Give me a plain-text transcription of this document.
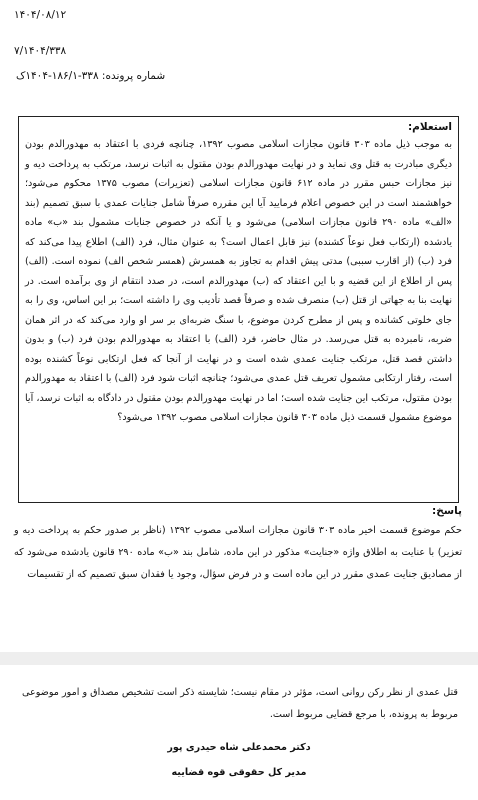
۱۴۰۴/۰۸/۱۲
۷/۱۴۰۴/۳۳۸
شماره پرونده: ۳۳۸-۱۸۶/۱-۱۴۰۴ک

استعلام:

به موجب ذیل ماده ۳۰۳ قانون مجازات اسلامی مصوب ۱۳۹۲، چنانچه فردی با اعتقاد به مهدورالدم بودن دیگری مبادرت به قتل وی نماید و در نهایت مهدورالدم بودن مقتول به اثبات نرسد، مرتکب به پرداخت دیه و نیز مجازات حبس مقرر در ماده ۶۱۲ قانون مجازات اسلامی (تعزیرات) مصوب ۱۳۷۵ محکوم می‌شود؛ خواهشمند است در این خصوص اعلام فرمایید آیا این مقرره صرفاً شامل جنایات عمدی با سبق تصمیم (بند «الف» ماده ۲۹۰ قانون مجازات اسلامی) می‌شود و یا آنکه در خصوص جنایات مشمول بند «ب» ماده یادشده (ارتکاب فعل نوعاً کشنده) نیز قابل اعمال است؟ به عنوان مثال، فرد (الف) اطلاع پیدا می‌کند که فرد (ب) (از اقارب سببی) مدتی پیش اقدام به تجاوز به همسرش (همسر شخص الف) نموده است. (الف) پس از اطلاع از این قضیه و با این اعتقاد که (ب) مهدورالدم است، در صدد انتقام از وی برآمده است. در نهایت بنا به جهاتی از قتل (ب) منصرف شده و صرفاً قصد تأدیب وی را داشته است؛ بر این اساس، وی را به جای خلوتی کشانده و پس از مطرح کردن موضوع، با سنگ ضربه‌ای بر سر او وارد می‌کند که در اثر همان ضربه، نامبرده به قتل می‌رسد. در مثال حاضر، فرد (الف) با اعتقاد به مهدورالدم بودن فرد (ب) و بدون داشتن قصد قتل، مرتکب جنایت عمدی شده است و در نهایت از آنجا که فعل ارتکابی نوعاً کشنده بوده است، رفتار ارتکابی مشمول تعریف قتل عمدی می‌شود؛ چنانچه اثبات شود فرد (الف) با اعتقاد به مهدورالدم بودن مقتول، مرتکب این جنایت شده است؛ اما در نهایت مهدورالدم بودن مقتول در دادگاه به اثبات نرسد، آیا موضوع مشمول قسمت ذیل ماده ۳۰۳ قانون مجازات اسلامی مصوب ۱۳۹۲ می‌شود؟

پاسخ:

حکم موضوع قسمت اخیر ماده ۳۰۳ قانون مجازات اسلامی مصوب ۱۳۹۲ (ناظر بر صدور حکم به پرداخت دیه و تعزیر) با عنایت به اطلاق واژه «جنایت» مذکور در این ماده، شامل بند «ب» ماده ۲۹۰ قانون یادشده می‌شود که از مصادیق جنایت عمدی مقرر در این ماده است و در فرض سؤال، وجود یا فقدان سبق تصمیم که از تقسیمات

قتل عمدی از نظر رکن روانی است، مؤثر در مقام نیست؛ شایسته ذکر است تشخیص مصداق و امور موضوعی مربوط به پرونده، با مرجع قضایی مربوط است.

دکتر محمدعلی شاه حیدری پور
مدیر کل حقوقی قوه قضاییه
